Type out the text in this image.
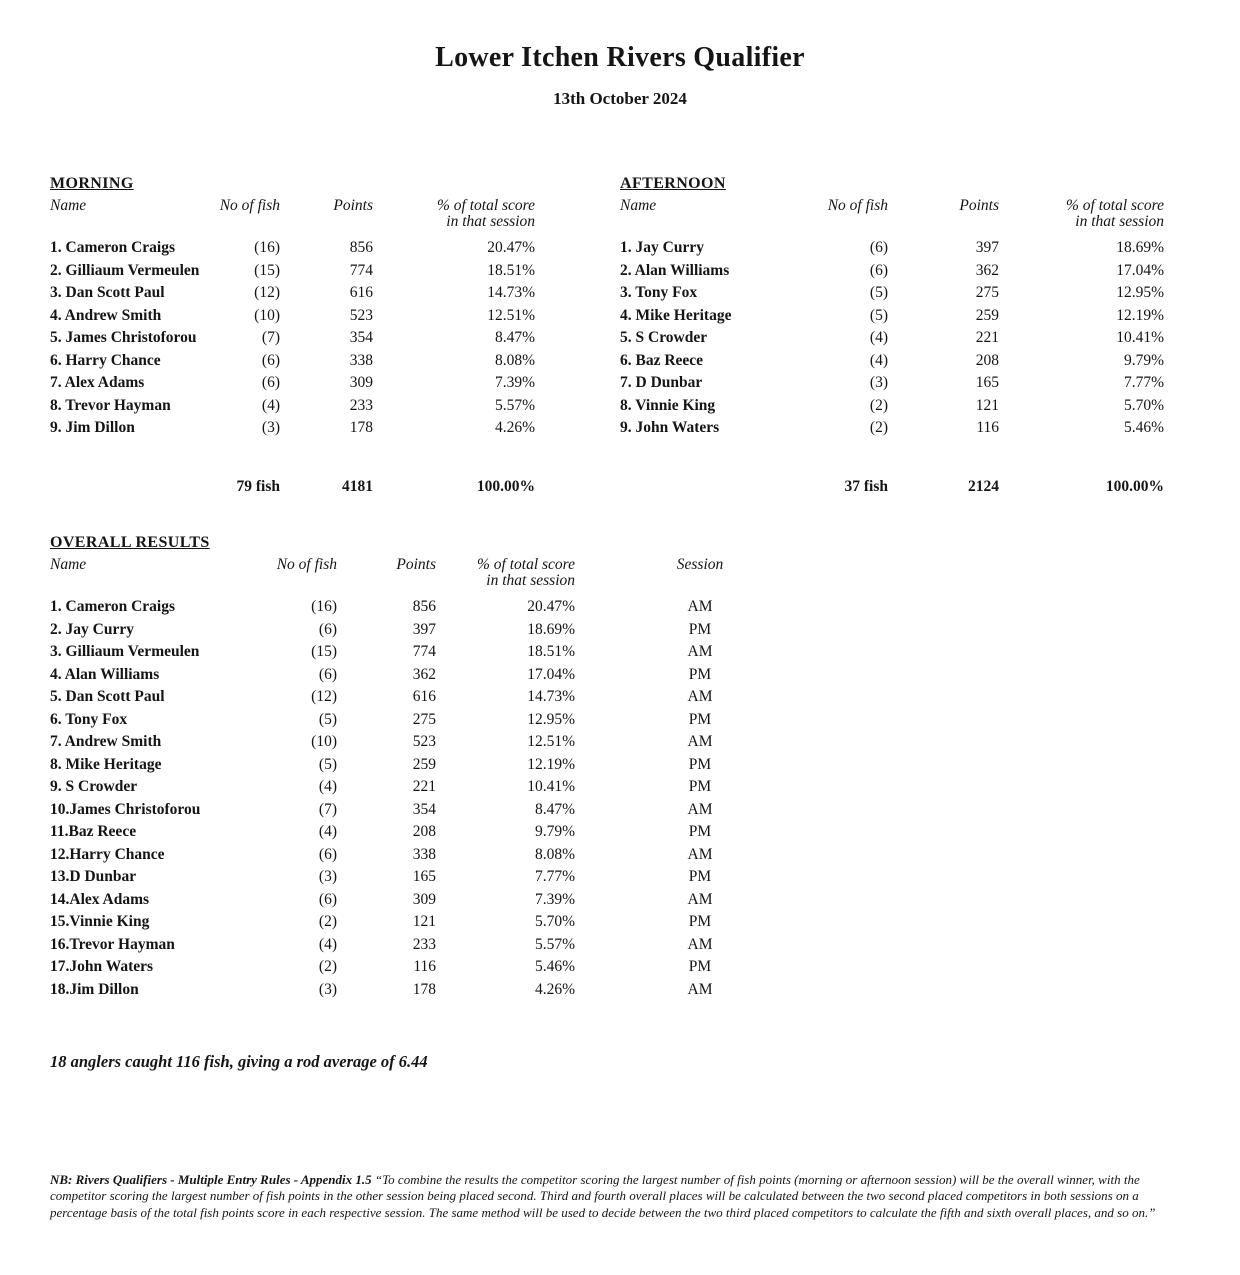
Lower Itchen Rivers Qualifier
13th October 2024
MORNING
Name	No of fish	Points	% of total score
in that session
1. Cameron Craigs	(16)	856	20.47%
2. Gilliaum Vermeulen	(15)	774	18.51%
3. Dan Scott Paul	(12)	616	14.73%
4. Andrew Smith	(10)	523	12.51%
5. James Christoforou	(7)	354	8.47%
6. Harry Chance	(6)	338	8.08%
7. Alex Adams	(6)	309	7.39%
8. Trevor Hayman	(4)	233	5.57%
9. Jim Dillon	(3)	178	4.26%
79 fish	4181	100.00%
AFTERNOON
Name	No of fish	Points	% of total score
in that session
1. Jay Curry	(6)	397	18.69%
2. Alan Williams	(6)	362	17.04%
3. Tony Fox	(5)	275	12.95%
4. Mike Heritage	(5)	259	12.19%
5. S Crowder	(4)	221	10.41%
6. Baz Reece	(4)	208	9.79%
7. D Dunbar	(3)	165	7.77%
8. Vinnie King	(2)	121	5.70%
9. John Waters	(2)	116	5.46%
37 fish	2124	100.00%
OVERALL RESULTS
Name	No of fish	Points	% of total score
in that session
Session
1. Cameron Craigs	(16)	856	20.47%	AM
2. Jay Curry	(6)	397	18.69%	PM
3. Gilliaum Vermeulen	(15)	774	18.51%	AM
4. Alan Williams	(6)	362	17.04%	PM
5. Dan Scott Paul	(12)	616	14.73%	AM
6. Tony Fox	(5)	275	12.95%	PM
7. Andrew Smith	(10)	523	12.51%	AM
8. Mike Heritage	(5)	259	12.19%	PM
9. S Crowder	(4)	221	10.41%	PM
10.James Christoforou	(7)	354	8.47%	AM
11.Baz Reece	(4)	208	9.79%	PM
12.Harry Chance	(6)	338	8.08%	AM
13.D Dunbar	(3)	165	7.77%	PM
14.Alex Adams	(6)	309	7.39%	AM
15.Vinnie King	(2)	121	5.70%	PM
16.Trevor Hayman	(4)	233	5.57%	AM
17.John Waters	(2)	116	5.46%	PM
18.Jim Dillon	(3)	178	4.26%	AM
18 anglers caught 116 fish, giving a rod average of 6.44

NB: Rivers Qualifiers - Multiple Entry Rules - Appendix 1.5 “To combine the results the competitor scoring the largest number of fish points (morning or afternoon session) will be the overall winner, with the competitor scoring the largest number of fish points in the other session being placed second. Third and fourth overall places will be calculated between the two second placed competitors in both sessions on a percentage basis of the total fish points score in each respective session. The same method will be used to decide between the two third placed competitors to calculate the fifth and sixth overall places, and so on.”
